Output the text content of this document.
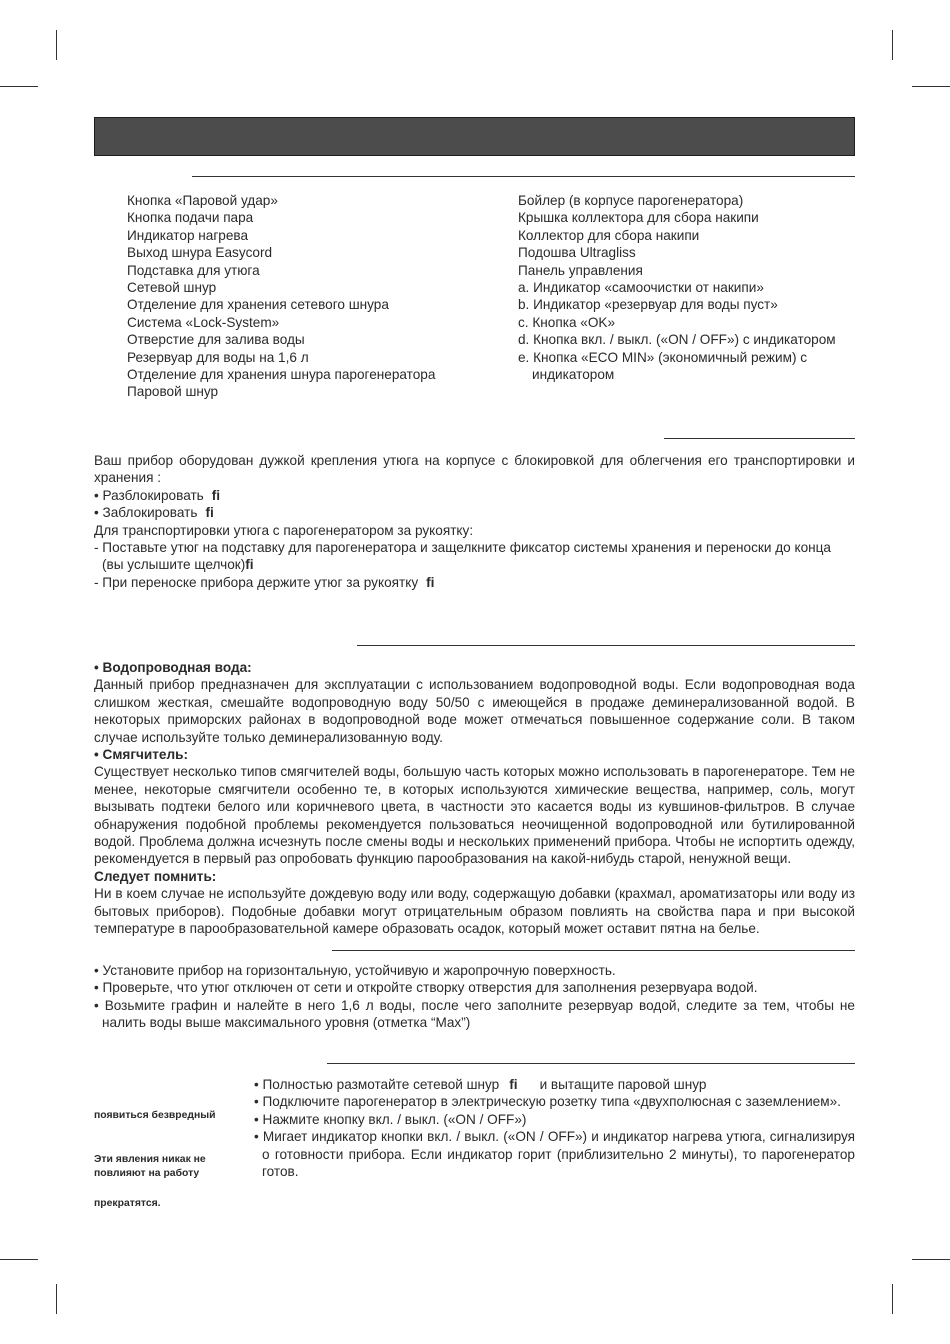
Кнопка «Паровой удар»
Кнопка подачи пара
Индикатор нагрева
Выход шнура Easycord
Подставка для утюга
Сетевой шнур
Отделение для хранения сетевого шнура
Система «Lock-System»
Отверстие для залива воды
Резервуар для воды на 1,6 л
Отделение для хранения шнура парогенератора
Паровой шнур
Бойлер (в корпусе парогенератора)
Крышка коллектора для сбора накипи
Коллектор для сбора накипи
Подошва Ultragliss
Панель управления
a. Индикатор «самоочистки от накипи»
b. Индикатор «резервуар для воды пуст»
c. Кнопка «OK»
d. Кнопка вкл. / выкл. («ON / OFF») с индикатором
e. Кнопка «ECO MIN» (экономичный режим) с
индикатором

Ваш прибор оборудован дужкой крепления утюга на корпусе с блокировкой для облегчения его транспортировки и хранения :

• Разблокировать ﬁ

• Заблокировать ﬁ

Для транспортировки утюга с парогенератором за рукоятку:

- Поставьте утюг на подставку для парогенератора и защелкните фиксатор системы хранения и переноски до конца (вы услышите щелчок)ﬁ

- При переноске прибора держите утюг за рукоятку ﬁ

• Водопроводная вода:

Данный прибор предназначен для эксплуатации с использованием водопроводной воды. Если водопроводная вода слишком жесткая, смешайте водопроводную воду 50/50 с имеющейся в продаже деминерализованной водой. В некоторых приморских районах в водопроводной воде может отмечаться повышенное содержание соли. В таком случае используйте только деминерализованную воду.

• Смягчитель:

Существует несколько типов смягчителей воды, большую часть которых можно использовать в парогенераторе. Тем не менее, некоторые смягчители особенно те, в которых используются химические вещества, например, соль, могут вызывать подтеки белого или коричневого цвета, в частности это касается воды из кувшинов-фильтров. В случае обнаружения подобной проблемы рекомендуется пользоваться неочищенной водопроводной или бутилированной водой. Проблема должна исчезнуть после смены воды и нескольких применений прибора. Чтобы не испортить одежду, рекомендуется в первый раз опробовать функцию парообразования на какой-нибудь старой, ненужной вещи.

Следует помнить:

Ни в коем случае не используйте дождевую воду или воду, содержащую добавки (крахмал, ароматизаторы или воду из бытовых приборов). Подобные добавки могут отрицательным образом повлиять на свойства пара и при высокой температуре в парообразовательной камере образовать осадок, который может оставит пятна на белье.

• Установите прибор на горизонтальную, устойчивую и жаропрочную поверхность.

• Проверьте, что утюг отключен от сети и откройте створку отверстия для заполнения резервуара водой.

• Возьмите графин и налейте в него 1,6 л воды, после чего заполните резервуар водой, следите за тем, чтобы не налить воды выше максимального уровня (отметка “Max”)

• Полностью размотайте сетевой шнур ﬁ и вытащите паровой шнур

• Подключите парогенератор в электрическую розетку типа «двухполюсная с заземлением».

• Нажмите кнопку вкл. / выкл. («ON / OFF»)

• Мигает индикатор кнопки вкл. / выкл. («ON / OFF») и индикатор нагрева утюга, сигнализируя о готовности прибора. Если индикатор горит (приблизительно 2 минуты), то парогенератор готов.

появиться безвредный
Эти явления никак не повлияют на работу
прекратятся.
